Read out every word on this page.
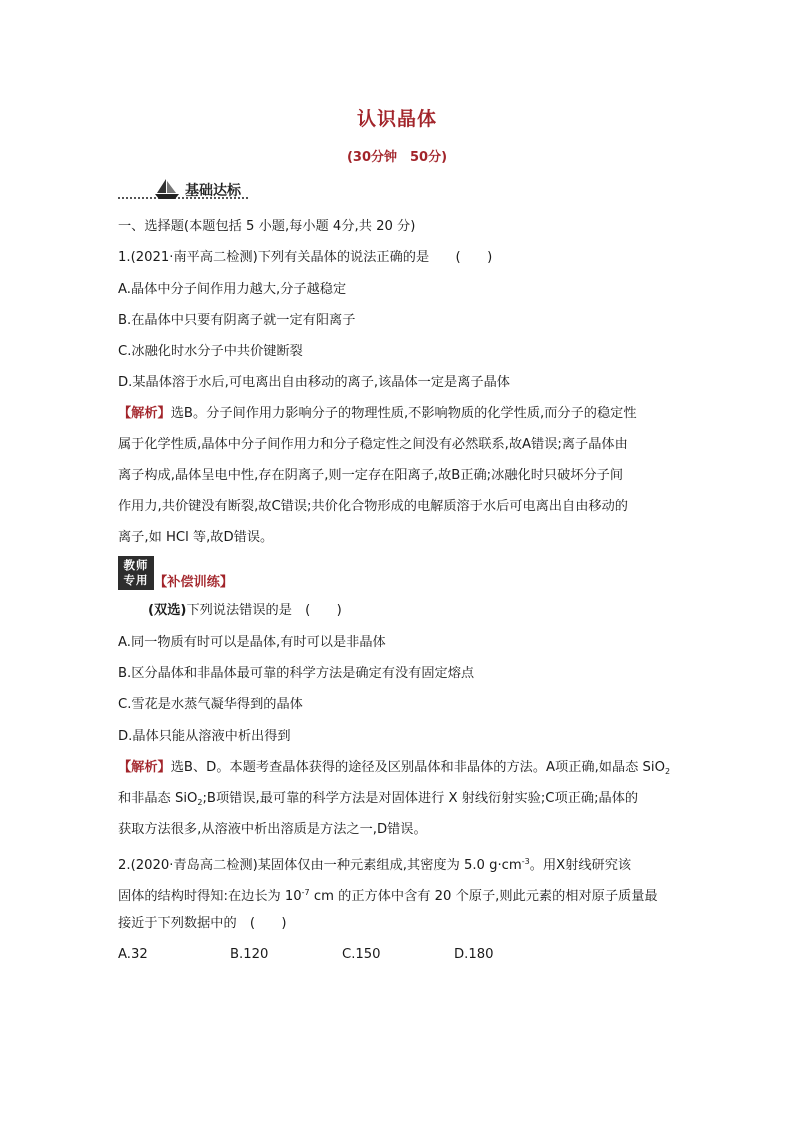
认识晶体
(30分钟　50分)
基础达标
一、选择题(本题包括 5 小题,每小题 4分,共 20 分)
1.(2021·南平高二检测)下列有关晶体的说法正确的是　　(　　)
A.晶体中分子间作用力越大,分子越稳定
B.在晶体中只要有阴离子就一定有阳离子
C.冰融化时水分子中共价键断裂
D.某晶体溶于水后,可电离出自由移动的离子,该晶体一定是离子晶体
【解析】选B。分子间作用力影响分子的物理性质,不影响物质的化学性质,而分子的稳定性
属于化学性质,晶体中分子间作用力和分子稳定性之间没有必然联系,故A错误;离子晶体由
离子构成,晶体呈电中性,存在阴离子,则一定存在阳离子,故B正确;冰融化时只破坏分子间
作用力,共价键没有断裂,故C错误;共价化合物形成的电解质溶于水后可电离出自由移动的
离子,如 HCl 等,故D错误。
教师
专用 【补偿训练】
(双选)下列说法错误的是　(　　)
A.同一物质有时可以是晶体,有时可以是非晶体
B.区分晶体和非晶体最可靠的科学方法是确定有没有固定熔点
C.雪花是水蒸气凝华得到的晶体
D.晶体只能从溶液中析出得到
【解析】选B、D。本题考查晶体获得的途径及区别晶体和非晶体的方法。A项正确,如晶态 SiO$_2$
和非晶态 SiO$_2$;B项错误,最可靠的科学方法是对固体进行 X 射线衍射实验;C项正确;晶体的
获取方法很多,从溶液中析出溶质是方法之一,D错误。
2.(2020·青岛高二检测)某固体仅由一种元素组成,其密度为 5.0 $g\cdot cm^{-3}$。用X射线研究该
固体的结构时得知:在边长为 $10^{-7}$ cm 的正方体中含有 20 个原子,则此元素的相对原子质量最
接近于下列数据中的　(　　)
A.32	B.120	C.150	D.180
